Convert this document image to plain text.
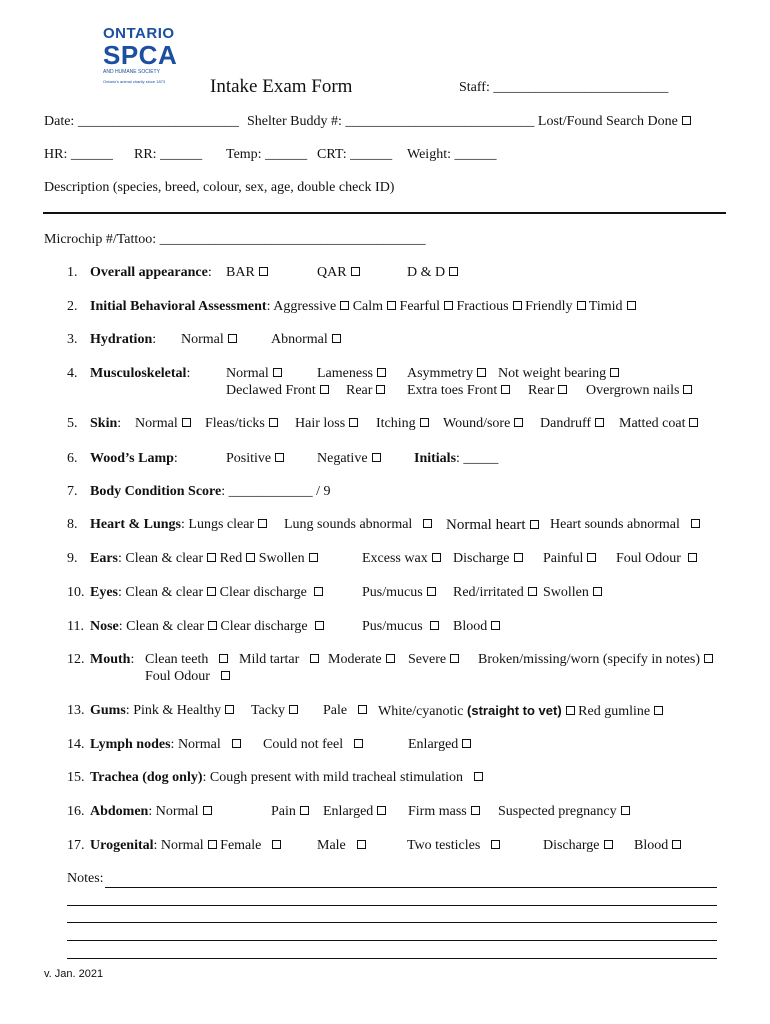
ONTARIO
SPCA
AND HUMANE SOCIETY
Ontario's animal charity since 1873	Intake Exam Form	Staff: _________________________
Date: _______________________ Shelter Buddy #: ___________________________ Lost/Found Search Done
HR: ______ RR: ______ Temp: ______ CRT: ______ Weight: ______
Description (species, breed, colour, sex, age, double check ID)
Microchip #/Tattoo: ______________________________________
1. Overall appearance: BAR	QAR	D & D
2. Initial Behavioral Assessment: Aggressive Calm Fearful Fractious Friendly Timid
3. Hydration: Normal	Abnormal
4. Musculoskeletal:	Normal	Lameness	Asymmetry	Not weight bearing
Declawed Front	Rear	Extra toes Front	Rear	Overgrown nails
5. Skin: Normal	Fleas/ticks	Hair loss	Itching	Wound/sore	Dandruff	Matted coat
6. Wood’s Lamp:	Positive	Negative	Initials: _____
7. Body Condition Score: ____________ / 9
8. Heart & Lungs: Lungs clear	Lung sounds abnormal	Normal heart	Heart sounds abnormal
9. Ears: Clean & clear Red Swollen	Excess wax	Discharge	Painful	Foul Odour
10. Eyes: Clean & clear Clear discharge	Pus/mucus	Red/irritated	Swollen
11. Nose: Clean & clear Clear discharge	Pus/mucus	Blood
12. Mouth: Clean teeth	Mild tartar	Moderate	Severe	Broken/missing/worn (specify in notes)
Foul Odour
13. Gums: Pink & Healthy	Tacky	Pale	White/cyanotic (straight to vet) Red gumline
14. Lymph nodes: Normal	Could not feel	Enlarged
15. Trachea (dog only): Cough present with mild tracheal stimulation
16. Abdomen: Normal	Pain	Enlarged	Firm mass	Suspected pregnancy
17. Urogenital: Normal Female	Male	Two testicles	Discharge	Blood
Notes:
v. Jan. 2021
